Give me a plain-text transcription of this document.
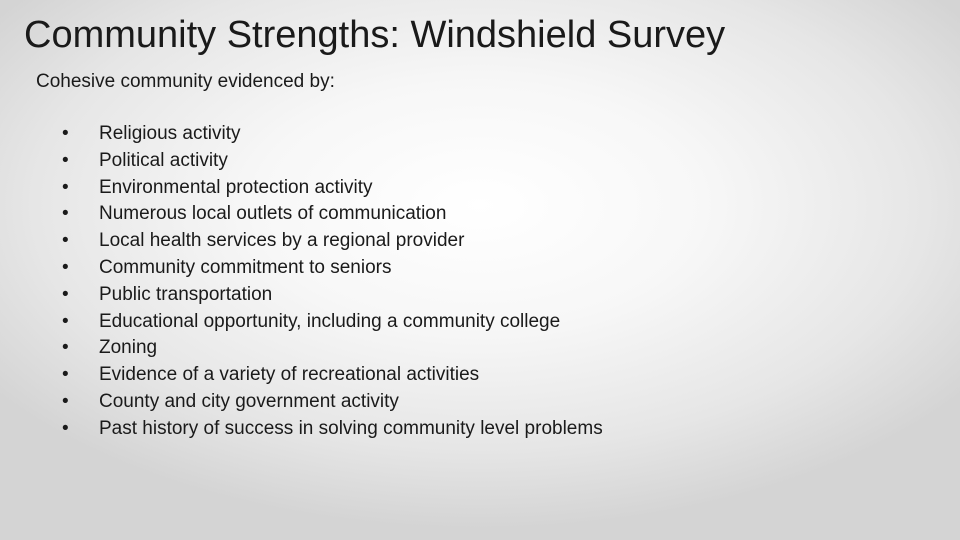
Community Strengths: Windshield Survey

Cohesive community evidenced by:

•	Religious activity
•	Political activity
•	Environmental protection activity
•	Numerous local outlets of communication
•	Local health services by a regional provider
•	Community commitment to seniors
•	Public transportation
•	Educational opportunity, including a community college
•	Zoning
•	Evidence of a variety of recreational activities
•	County and city government activity
•	Past history of success in solving community level problems
